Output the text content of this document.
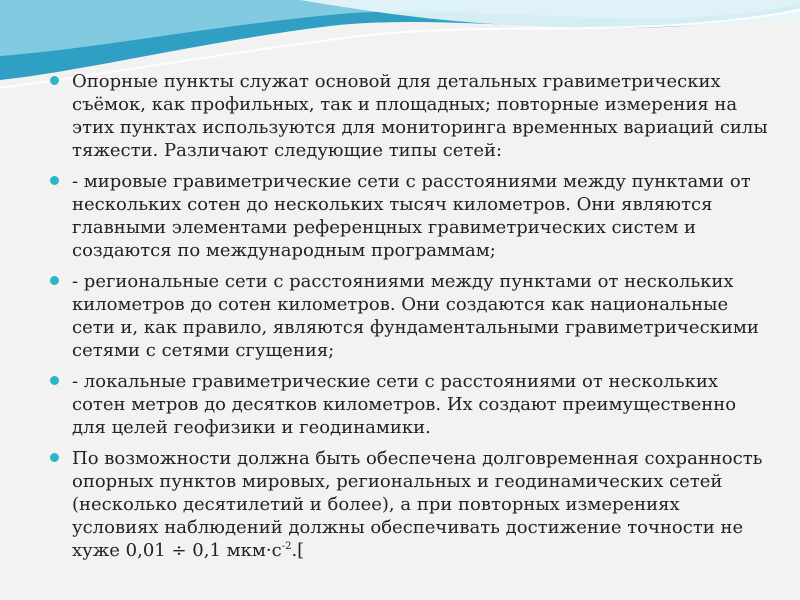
Опорные пункты служат основой для детальных гравиметрических съёмок, как профильных, так и площадных; повторные измерения на этих пунктах используются для мониторинга временных вариаций силы тяжести. Различают следующие типы сетей:
- мировые гравиметрические сети с расстояниями между пунктами от нескольких сотен до нескольких тысяч километров. Они являются главными элементами референцных гравиметрических систем и создаются по международным программам;
- региональные сети с расстояниями между пунктами от нескольких километров до сотен километров. Они создаются как национальные сети и, как правило, являются фундаментальными гравиметрическими сетями с сетями сгущения;
- локальные гравиметрические сети с расстояниями от нескольких сотен метров до десятков километров. Их создают преимущественно для целей геофизики и геодинамики.
По возможности должна быть обеспечена долговременная сохранность опорных пунктов мировых, региональных и геодинамических сетей (несколько десятилетий и более), а при повторных измерениях условиях наблюдений должны обеспечивать достижение точности не хуже 0,01 ÷ 0,1 $мкм\cdot с^{-2}$.[
